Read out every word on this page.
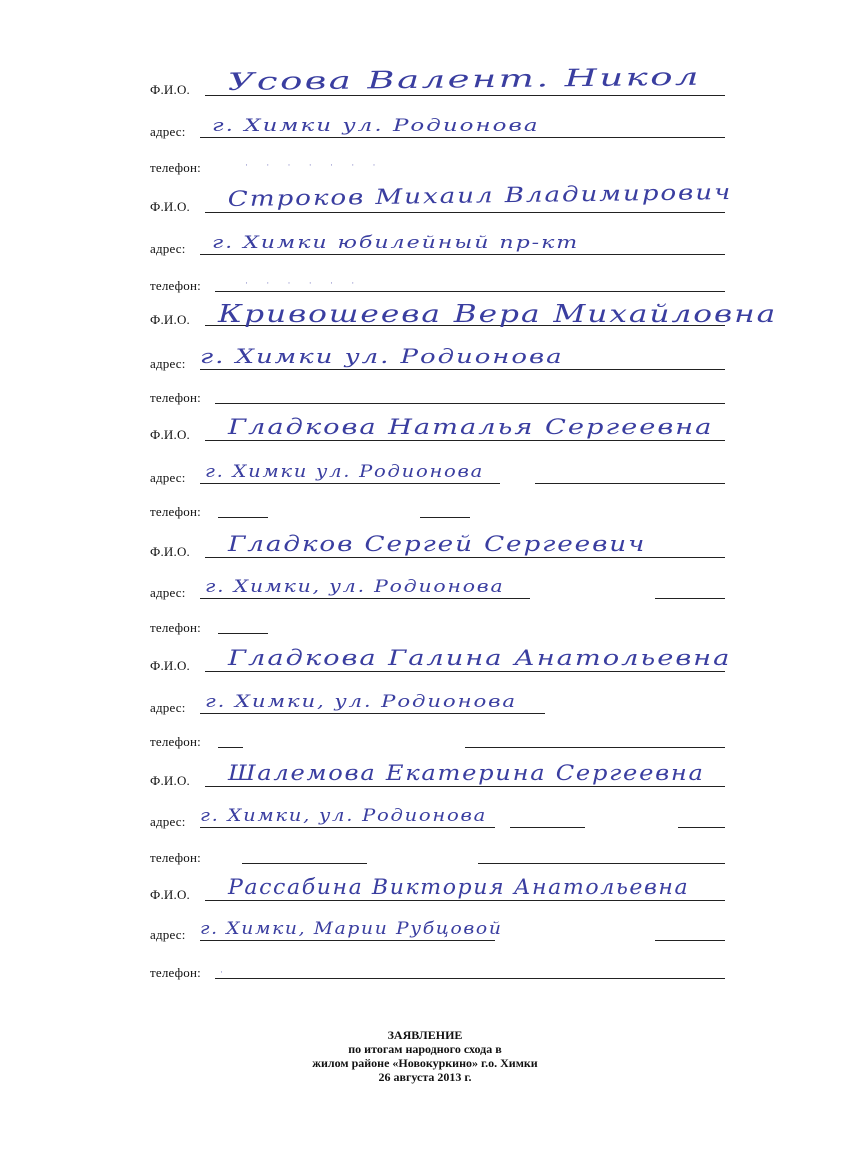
Ф.И.О. Усова Валент. Никол
адрес: г. Химки ул. Родионова
телефон:	· · · · · · ·
Ф.И.О. Строков Михаил Владимирович
адрес: г. Химки юбилейный пр-кт
телефон:	· · · · · ·
Ф.И.О. Кривошеева Вера Михайловна
адрес: г. Химки ул. Родионова
телефон:
Ф.И.О. Гладкова Наталья Сергеевна
адрес: г. Химки ул. Родионова
телефон:
Ф.И.О. Гладков Сергей Сергеевич
адрес: г. Химки, ул. Родионова
телефон:
Ф.И.О. Гладкова Галина Анатольевна
адрес: г. Химки, ул. Родионова
телефон:
Ф.И.О. Шалемова Екатерина Сергеевна
адрес: г. Химки, ул. Родионова
телефон:
Ф.И.О. Рассабина Виктория Анатольевна
адрес: г. Химки, Марии Рубцовой
телефон: ·
ЗАЯВЛЕНИЕ
по итогам народного схода в
жилом районе «Новокуркино» г.о. Химки
26 августа 2013 г.
